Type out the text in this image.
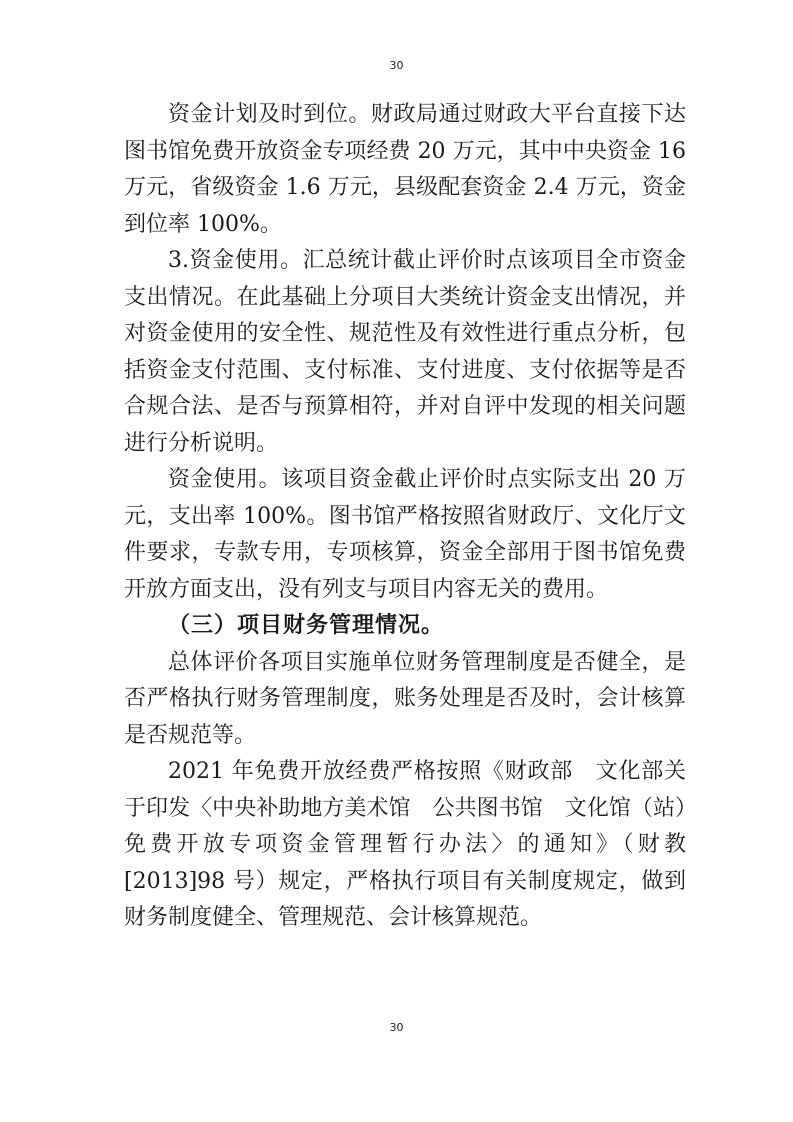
30

资金计划及时到位。财政局通过财政大平台直接下达图书馆免费开放资金专项经费 20 万元，其中中央资金 16 万元，省级资金 1.6 万元，县级配套资金 2.4 万元，资金到位率 100%。

3.资金使用。汇总统计截止评价时点该项目全市资金支出情况。在此基础上分项目大类统计资金支出情况，并对资金使用的安全性、规范性及有效性进行重点分析，包括资金支付范围、支付标准、支付进度、支付依据等是否合规合法、是否与预算相符，并对自评中发现的相关问题进行分析说明。

资金使用。该项目资金截止评价时点实际支出 20 万元，支出率 100%。图书馆严格按照省财政厅、文化厅文件要求，专款专用，专项核算，资金全部用于图书馆免费开放方面支出，没有列支与项目内容无关的费用。

（三）项目财务管理情况。

总体评价各项目实施单位财务管理制度是否健全，是否严格执行财务管理制度，账务处理是否及时，会计核算是否规范等。

2021 年免费开放经费严格按照《财政部　文化部关于印发〈中央补助地方美术馆　公共图书馆　文化馆（站）免费开放专项资金管理暂行办法〉的通知》（财教[2013]98 号）规定，严格执行项目有关制度规定，做到财务制度健全、管理规范、会计核算规范。

30
